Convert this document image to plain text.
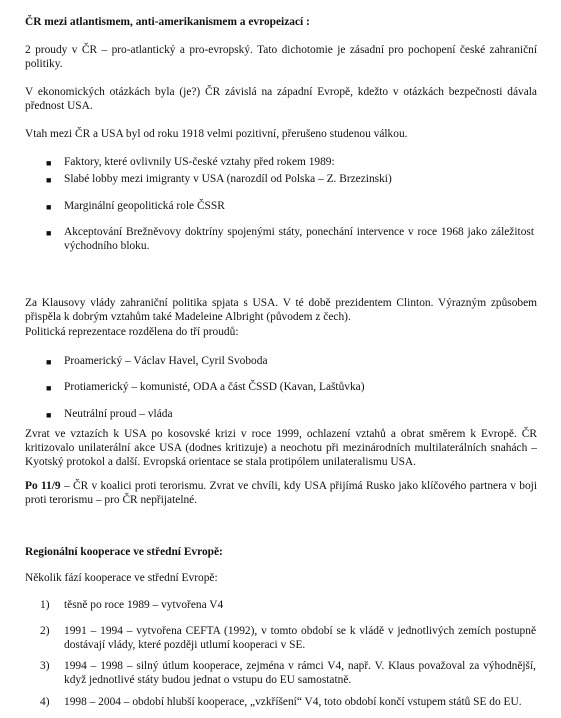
ČR mezi atlantismem, anti-amerikanismem a evropeizací :

2 proudy v ČR – pro-atlantický a pro-evropský. Tato dichotomie je zásadní pro pochopení české zahraniční politiky.

V ekonomických otázkách byla (je?) ČR závislá na západní Evropě, kdežto v otázkách bezpečnosti dávala přednost USA.

Vtah mezi ČR a USA byl od roku 1918 velmi pozitivní, přerušeno studenou válkou.

■	Faktory, které ovlivnily US-české vztahy před rokem 1989:

■	Slabé lobby mezi imigranty v USA (narozdíl od Polska – Z. Brzezinski)

■	Marginální geopolitická role ČSSR

■	Akceptování Brežněvovy doktríny spojenými státy, ponechání intervence v roce 1968 jako záležitost východního bloku.

Za Klausovy vlády zahraniční politika spjata s USA. V té době prezidentem Clinton. Výrazným způsobem přispěla k dobrým vztahům také Madeleine Albright (původem z čech).

Politická reprezentace rozdělena do tří proudů:

■	Proamerický – Václav Havel, Cyril Svoboda

■	Protiamerický – komunisté, ODA a část ČSSD (Kavan, Laštůvka)

■	Neutrální proud – vláda

Zvrat ve vztazích k USA po kosovské krizi v roce 1999, ochlazení vztahů a obrat směrem k Evropě. ČR kritizovalo unilaterální akce USA (dodnes kritizuje) a neochotu při mezinárodních multilaterálních snahách – Kyotský protokol a další. Evropská orientace se stala protipólem unilateralismu USA.

Po 11/9 – ČR v koalici proti terorismu. Zvrat ve chvíli, kdy USA přijímá Rusko jako klíčového partnera v boji proti terorismu – pro ČR nepřijatelné.

Regionální kooperace ve střední Evropě:

Několik fází kooperace ve střední Evropě:

1)	těsně po roce 1989 – vytvořena V4

2)	1991 – 1994 – vytvořena CEFTA (1992), v tomto období se k vládě v jednotlivých zemích postupně dostávají vlády, které později utlumí kooperaci v SE.

3)	1994 – 1998 – silný útlum kooperace, zejména v rámci V4, např. V. Klaus považoval za výhodnější, když jednotlivé státy budou jednat o vstupu do EU samostatně.

4)	1998 – 2004 – období hlubší kooperace, „vzkříšení“ V4, toto období končí vstupem států SE do EU.
